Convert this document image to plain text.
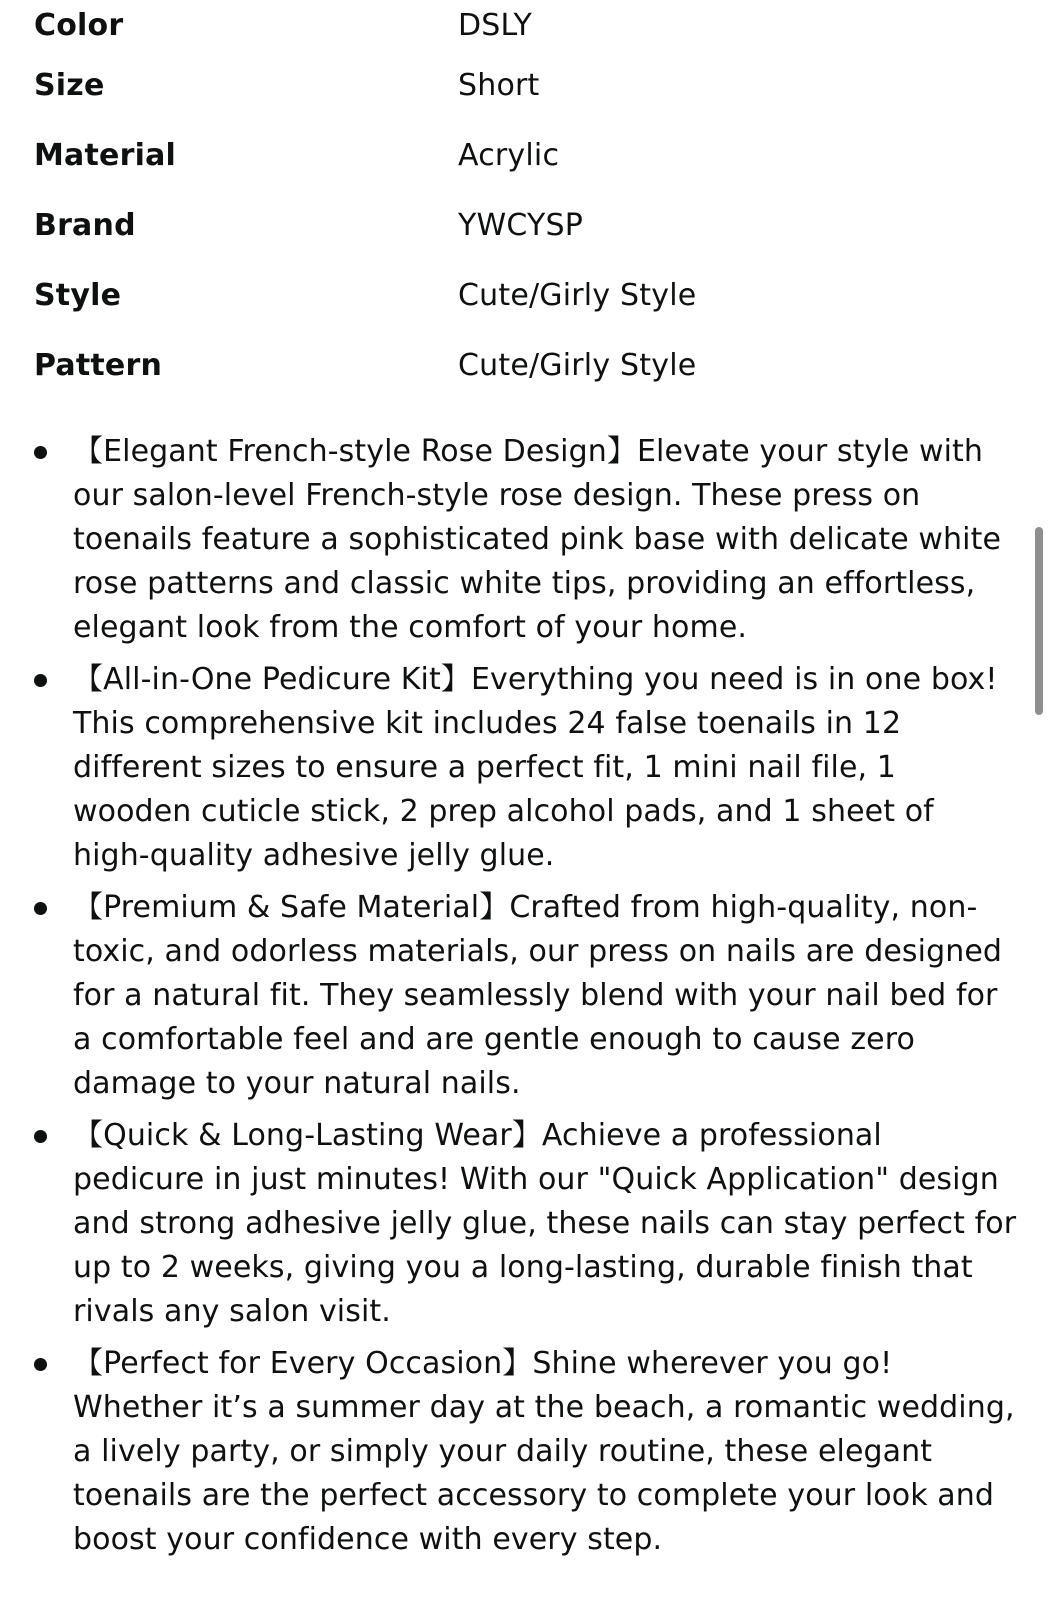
Color	DSLY
Size	Short
Material	Acrylic
Brand	YWCYSP
Style	Cute/Girly Style
Pattern	Cute/Girly Style
【Elegant French-style Rose Design】Elevate your style with our salon-level French-style rose design. These press on toenails feature a sophisticated pink base with delicate white rose patterns and classic white tips, providing an effortless, elegant look from the comfort of your home.
【All-in-One Pedicure Kit】Everything you need is in one box! This comprehensive kit includes 24 false toenails in 12 different sizes to ensure a perfect fit, 1 mini nail file, 1 wooden cuticle stick, 2 prep alcohol pads, and 1 sheet of high-quality adhesive jelly glue.
【Premium & Safe Material】Crafted from high-quality, non-toxic, and odorless materials, our press on nails are designed for a natural fit. They seamlessly blend with your nail bed for a comfortable feel and are gentle enough to cause zero damage to your natural nails.
【Quick & Long-Lasting Wear】Achieve a professional pedicure in just minutes! With our "Quick Application" design and strong adhesive jelly glue, these nails can stay perfect for up to 2 weeks, giving you a long-lasting, durable finish that rivals any salon visit.
【Perfect for Every Occasion】Shine wherever you go! Whether it’s a summer day at the beach, a romantic wedding, a lively party, or simply your daily routine, these elegant toenails are the perfect accessory to complete your look and boost your confidence with every step.
